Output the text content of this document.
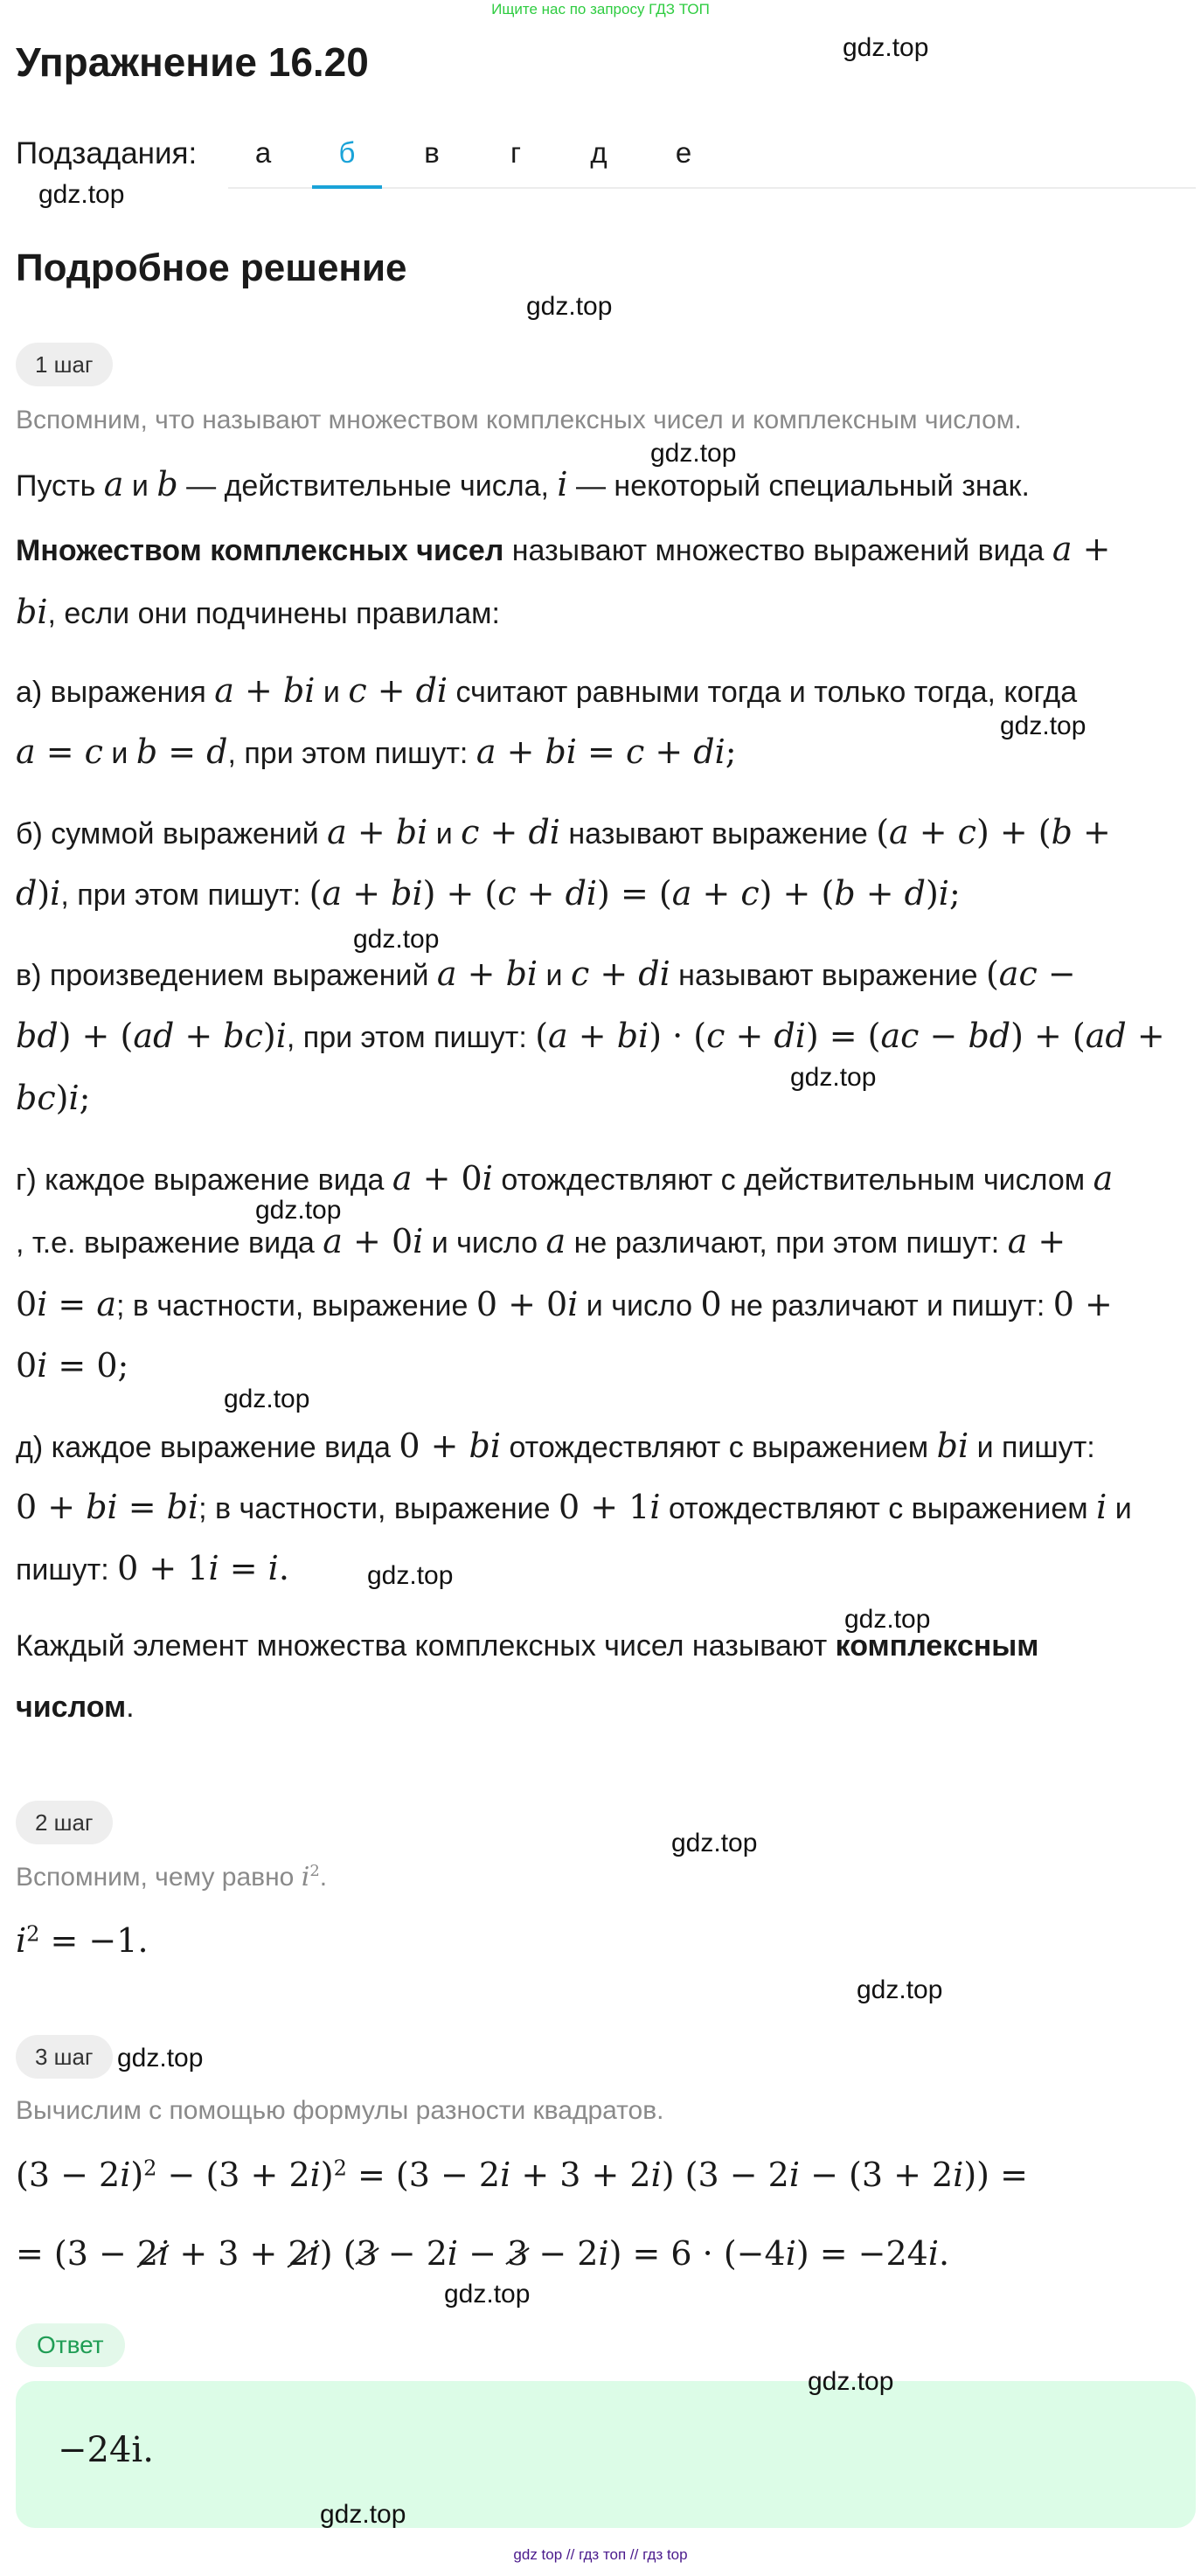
Ищите нас по запросу ГДЗ ТОП
Упражнение 16.20
Подзадания:	а	б	в	г	д	е
Подробное решение
1 шаг
Вспомним, что называют множеством комплексных чисел и комплексным числом.
Пусть a и b — действительные числа, i — некоторый специальный знак.
Множеством комплексных чисел называют множество выражений вида a +
bi, если они подчинены правилам:
а) выражения a + bi и c + di считают равными тогда и только тогда, когда
a = c и b = d, при этом пишут: a + bi = c + di;
б) суммой выражений a + bi и c + di называют выражение (a + c) + (b +
d)i, при этом пишут: (a + bi) + (c + di) = (a + c) + (b + d)i;
в) произведением выражений a + bi и c + di называют выражение (ac −
bd) + (ad + bc)i, при этом пишут: (a + bi) · (c + di) = (ac − bd) + (ad +
bc)i;
г) каждое выражение вида a + 0i отождествляют с действительным числом a
, т.е. выражение вида a + 0i и число a не различают, при этом пишут: a +
0i = a; в частности, выражение 0 + 0i и число 0 не различают и пишут: 0 +
0i = 0;
д) каждое выражение вида 0 + bi отождествляют с выражением bi и пишут:
0 + bi = bi; в частности, выражение 0 + 1i отождествляют с выражением i и
пишут: 0 + 1i = i.
Каждый элемент множества комплексных чисел называют комплексным
числом.
2 шаг
Вспомним, чему равно $i^2$.
$i^2 = -1$.
3 шаг
Вычислим с помощью формулы разности квадратов.
$(3 - 2i)^2 - (3 + 2i)^2 = (3 - 2i + 3 + 2i)$ (3 − 2i − (3 + 2i)) =
= (3 − 2i + 3 + 2i) (3 − 2i − 3 − 2i) = 6 · (−4i) = −24i.
Ответ
−24i.
gdz.top
gdz.top
gdz.top
gdz.top
gdz.top
gdz.top
gdz.top
gdz.top
gdz.top
gdz.top
gdz.top
gdz.top
gdz.top
gdz.top
gdz.top
gdz.top
gdz.top
gdz top // гдз топ // гдз top
